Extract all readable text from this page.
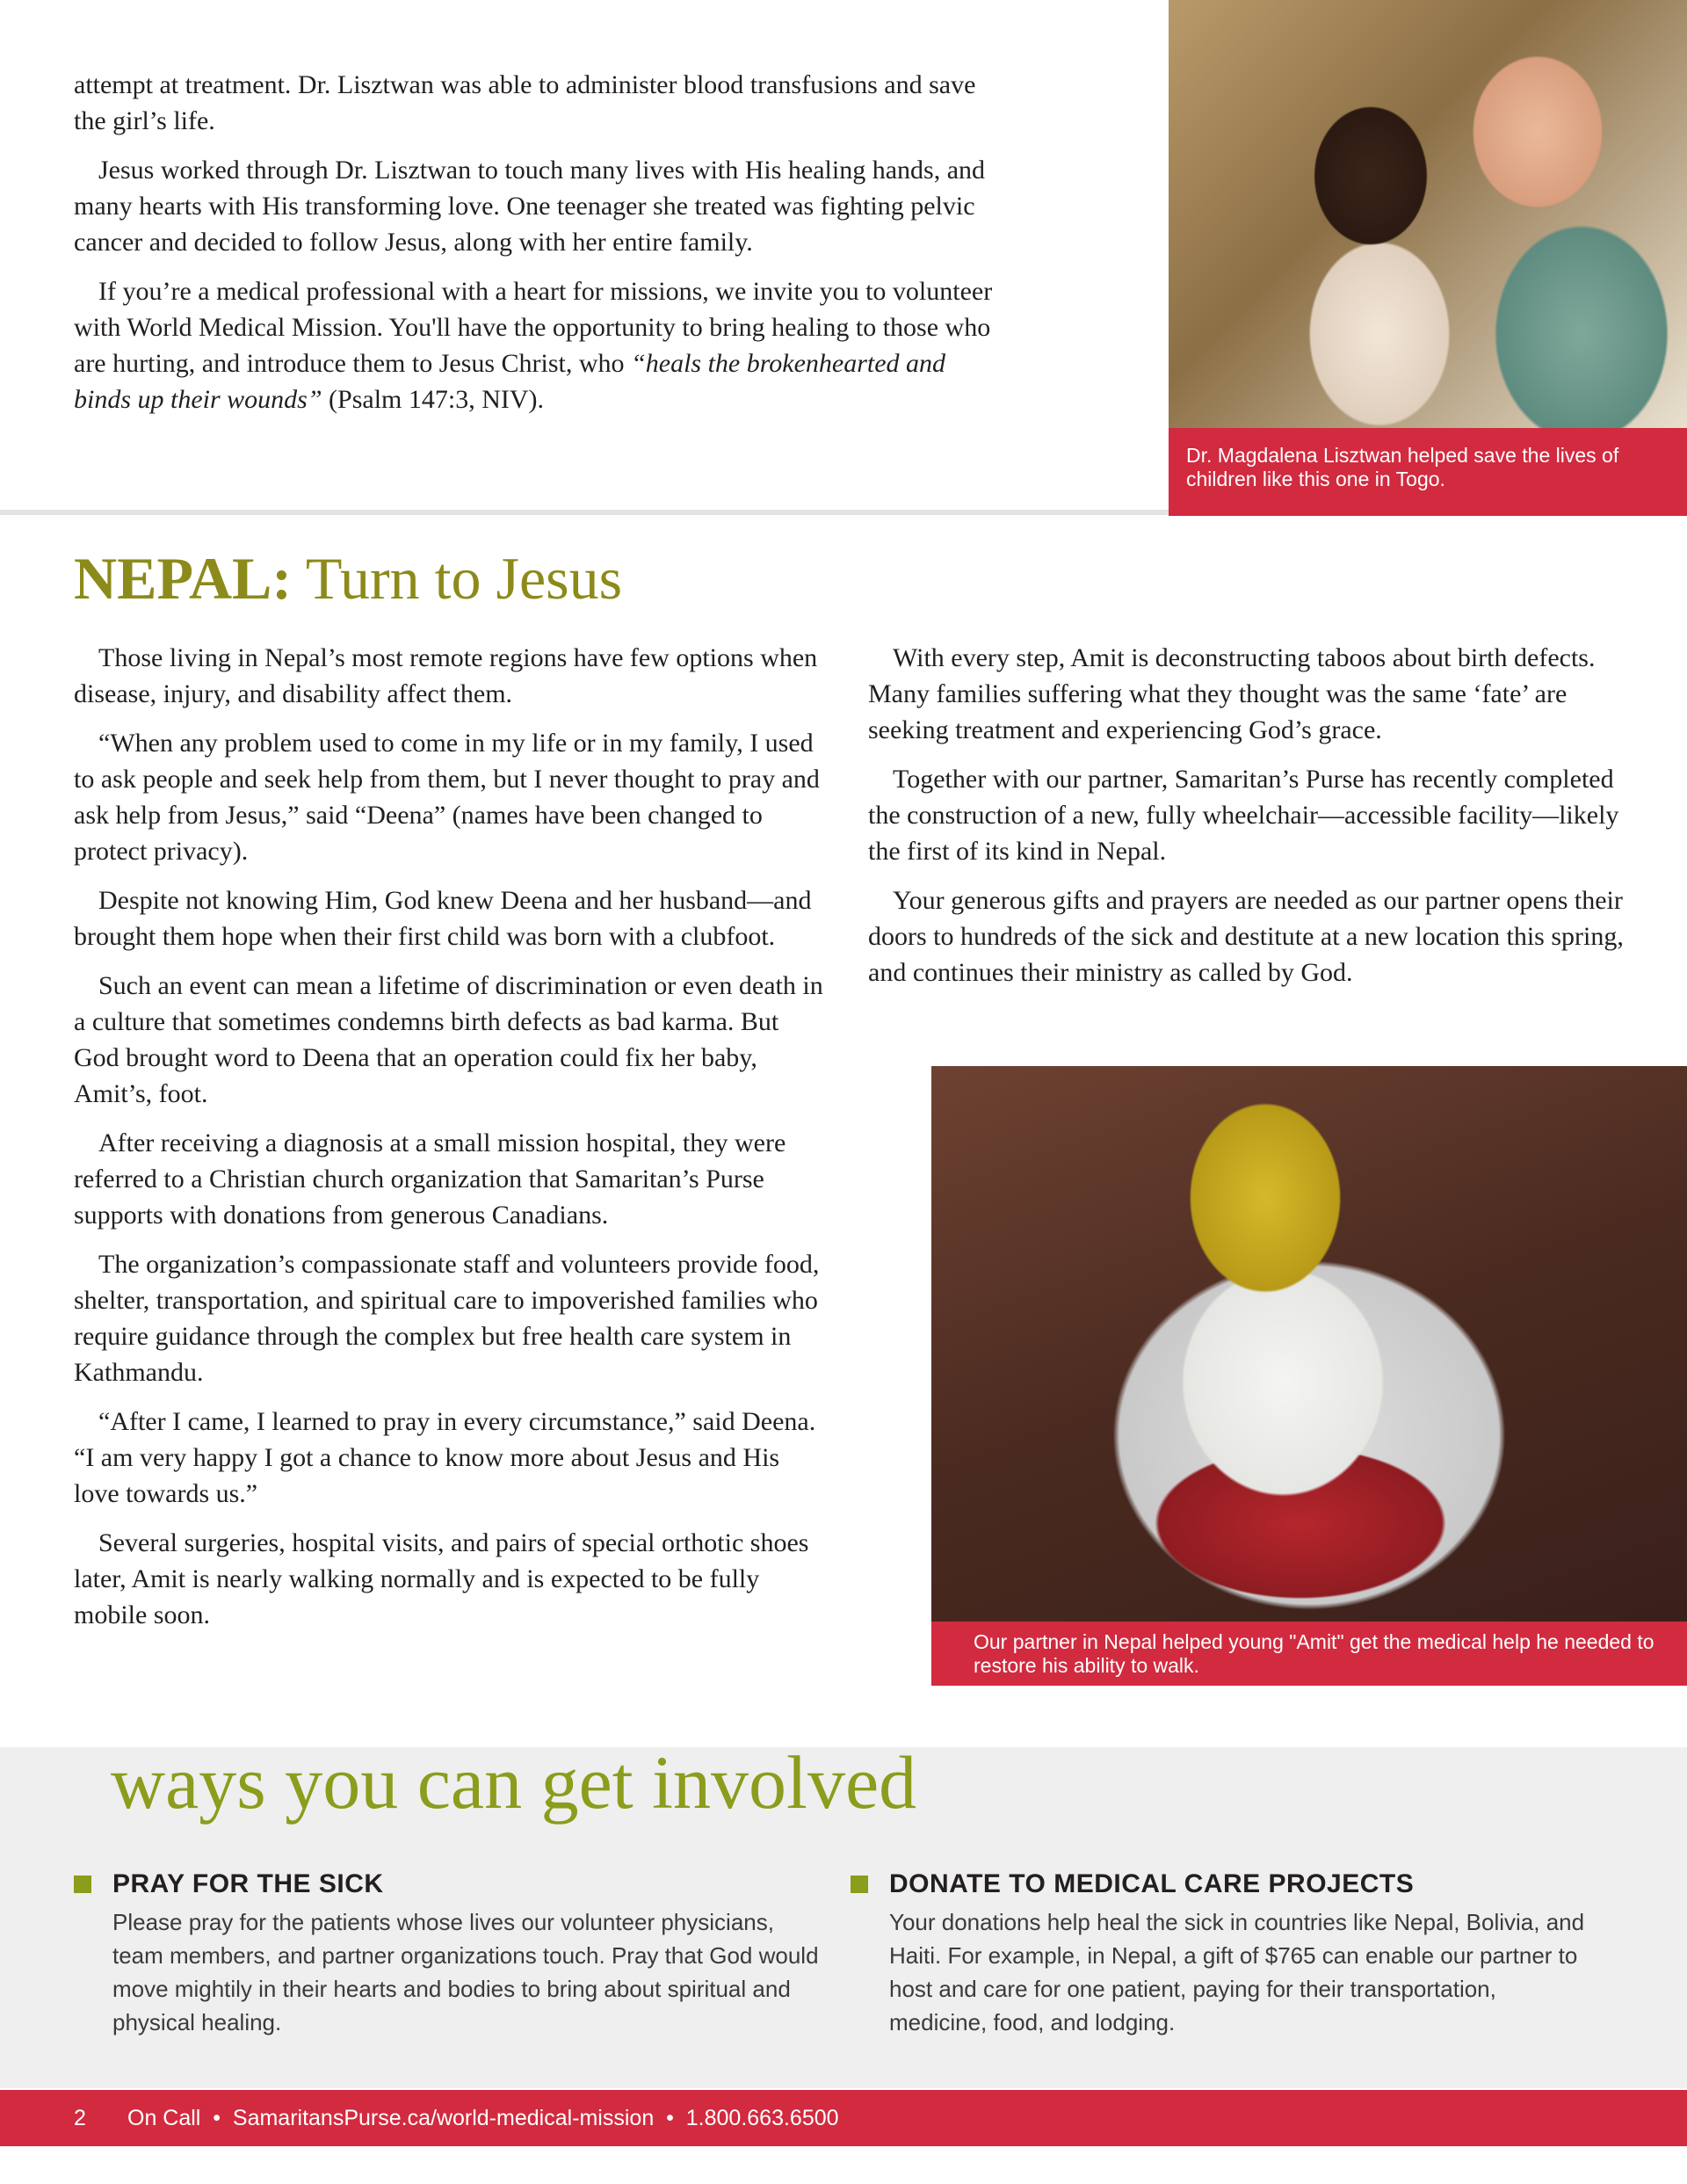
attempt at treatment. Dr. Lisztwan was able to administer blood transfusions and save the girl’s life.

Jesus worked through Dr. Lisztwan to touch many lives with His healing hands, and many hearts with His transforming love. One teenager she treated was fighting pelvic cancer and decided to follow Jesus, along with her entire family.

If you’re a medical professional with a heart for missions, we invite you to volunteer with World Medical Mission. You'll have the opportunity to bring healing to those who are hurting, and introduce them to Jesus Christ, who “heals the brokenhearted and binds up their wounds” (Psalm 147:3, NIV).

Dr. Magdalena Lisztwan helped save the lives of children like this one in Togo.
NEPAL: Turn to Jesus

Those living in Nepal’s most remote regions have few options when disease, injury, and disability affect them.

“When any problem used to come in my life or in my family, I used to ask people and seek help from them, but I never thought to pray and ask help from Jesus,” said “Deena” (names have been changed to protect privacy).

Despite not knowing Him, God knew Deena and her husband—and brought them hope when their first child was born with a clubfoot.

Such an event can mean a lifetime of discrimination or even death in a culture that sometimes condemns birth defects as bad karma. But God brought word to Deena that an operation could fix her baby, Amit’s, foot.

After receiving a diagnosis at a small mission hospital, they were referred to a Christian church organization that Samaritan’s Purse supports with donations from generous Canadians.

The organization’s compassionate staff and volunteers provide food, shelter, transportation, and spiritual care to impoverished families who require guidance through the complex but free health care system in Kathmandu.

“After I came, I learned to pray in every circumstance,” said Deena. “I am very happy I got a chance to know more about Jesus and His love towards us.”

Several surgeries, hospital visits, and pairs of special orthotic shoes later, Amit is nearly walking normally and is expected to be fully mobile soon.

With every step, Amit is deconstructing taboos about birth defects. Many families suffering what they thought was the same ‘fate’ are seeking treatment and experiencing God’s grace.

Together with our partner, Samaritan’s Purse has recently completed the construction of a new, fully wheelchair—accessible facility—likely the first of its kind in Nepal.

Your generous gifts and prayers are needed as our partner opens their doors to hundreds of the sick and destitute at a new location this spring, and continues their ministry as called by God.

Our partner in Nepal helped young "Amit" get the medical help he needed to restore his ability to walk.
ways you can get involved
PRAY FOR THE SICK

Please pray for the patients whose lives our volunteer physicians, team members, and partner organizations touch. Pray that God would move mightily in their hearts and bodies to bring about spiritual and physical healing.

DONATE TO MEDICAL CARE PROJECTS

Your donations help heal the sick in countries like Nepal, Bolivia, and Haiti. For example, in Nepal, a gift of $765 can enable our partner to host and care for one patient, paying for their transportation, medicine, food, and lodging.

2 On Call  •  SamaritansPurse.ca/world-medical-mission  •  1.800.663.6500
